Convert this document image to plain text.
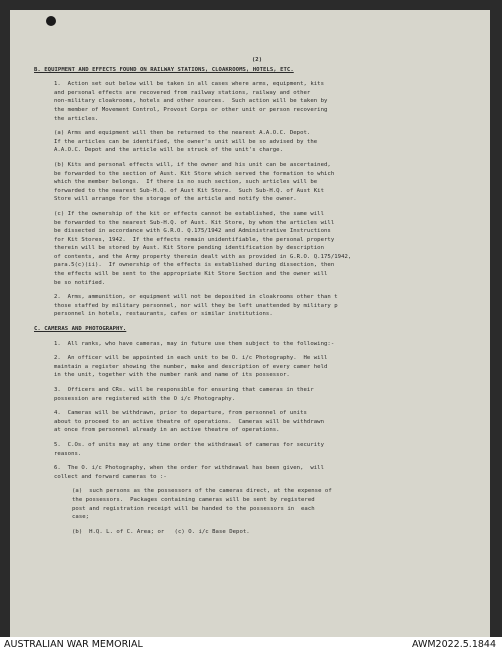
(2)
B. EQUIPMENT AND EFFECTS FOUND ON RAILWAY STATIONS, CLOAKROOMS, HOTELS, ETC.
1.  Action set out below will be taken in all cases where arms, equipment, kits
and personal effects are recovered from railway stations, railway and other
non-military cloakrooms, hotels and other sources.  Such action will be taken by
the member of Movement Control, Provost Corps or other unit or person recovering
the articles.
(a) Arms and equipment will then be returned to the nearest A.A.O.C. Depot.
If the articles can be identified, the owner's unit will be so advised by the
A.A.O.C. Depot and the article will be struck of the unit's charge.
(b) Kits and personal effects will, if the owner and his unit can be ascertained,
be forwarded to the section of Aust. Kit Store which served the formation to which
which the member belongs.  If there is no such section, such articles will be
forwarded to the nearest Sub-H.Q. of Aust Kit Store.  Such Sub-H.Q. of Aust Kit
Store will arrange for the storage of the article and notify the owner.
(c) If the ownership of the kit or effects cannot be established, the same will
be forwarded to the nearest Sub-H.Q. of Aust. Kit Store, by whom the articles will
be dissected in accordance with G.R.O. Q.175/1942 and Administrative Instructions
for Kit Stores, 1942.  If the effects remain unidentifiable, the personal property
therein will be stored by Aust. Kit Store pending identification by description
of contents, and the Army property therein dealt with as provided in G.R.O. Q.175/1942,
para.5(c)(ii).  If ownership of the effects is established during dissection, then
the effects will be sent to the appropriate Kit Store Section and the owner will
be so notified.
2.  Arms, ammunition, or equipment will not be deposited in cloakrooms other than t
those staffed by military personnel, nor will they be left unattended by military p
personnel in hotels, restaurants, cafes or similar institutions.
C. CAMERAS AND PHOTOGRAPHY.
1.  All ranks, who have cameras, may in future use them subject to the following:-
2.  An officer will be appointed in each unit to be O. i/c Photography.  He will
maintain a register showing the number, make and description of every camer held
in the unit, together with the number rank and name of its possessor.
3.  Officers and CRs. will be responsible for ensuring that cameras in their
possession are registered with the O i/c Photography.
4.  Cameras will be withdrawn, prior to departure, from personnel of units
about to proceed to an active theatre of operations.  Cameras will be withdrawn
at once from personnel already in an active theatre of operations.
5.  C.Os. of units may at any time order the withdrawal of cameras for security
reasons.
6.  The O. i/c Photography, when the order for withdrawal has been given,  will
collect and forward cameras to :-
(a)  such persons as the possessors of the cameras direct, at the expense of
the possessors.  Packages containing cameras will be sent by registered
post and registration receipt will be handed to the possessors in  each
case;
(b)  H.Q. L. of C. Area; or   (c) O. i/c Base Depot.
AUSTRALIAN WAR MEMORIAL	AWM2022.5.1844
